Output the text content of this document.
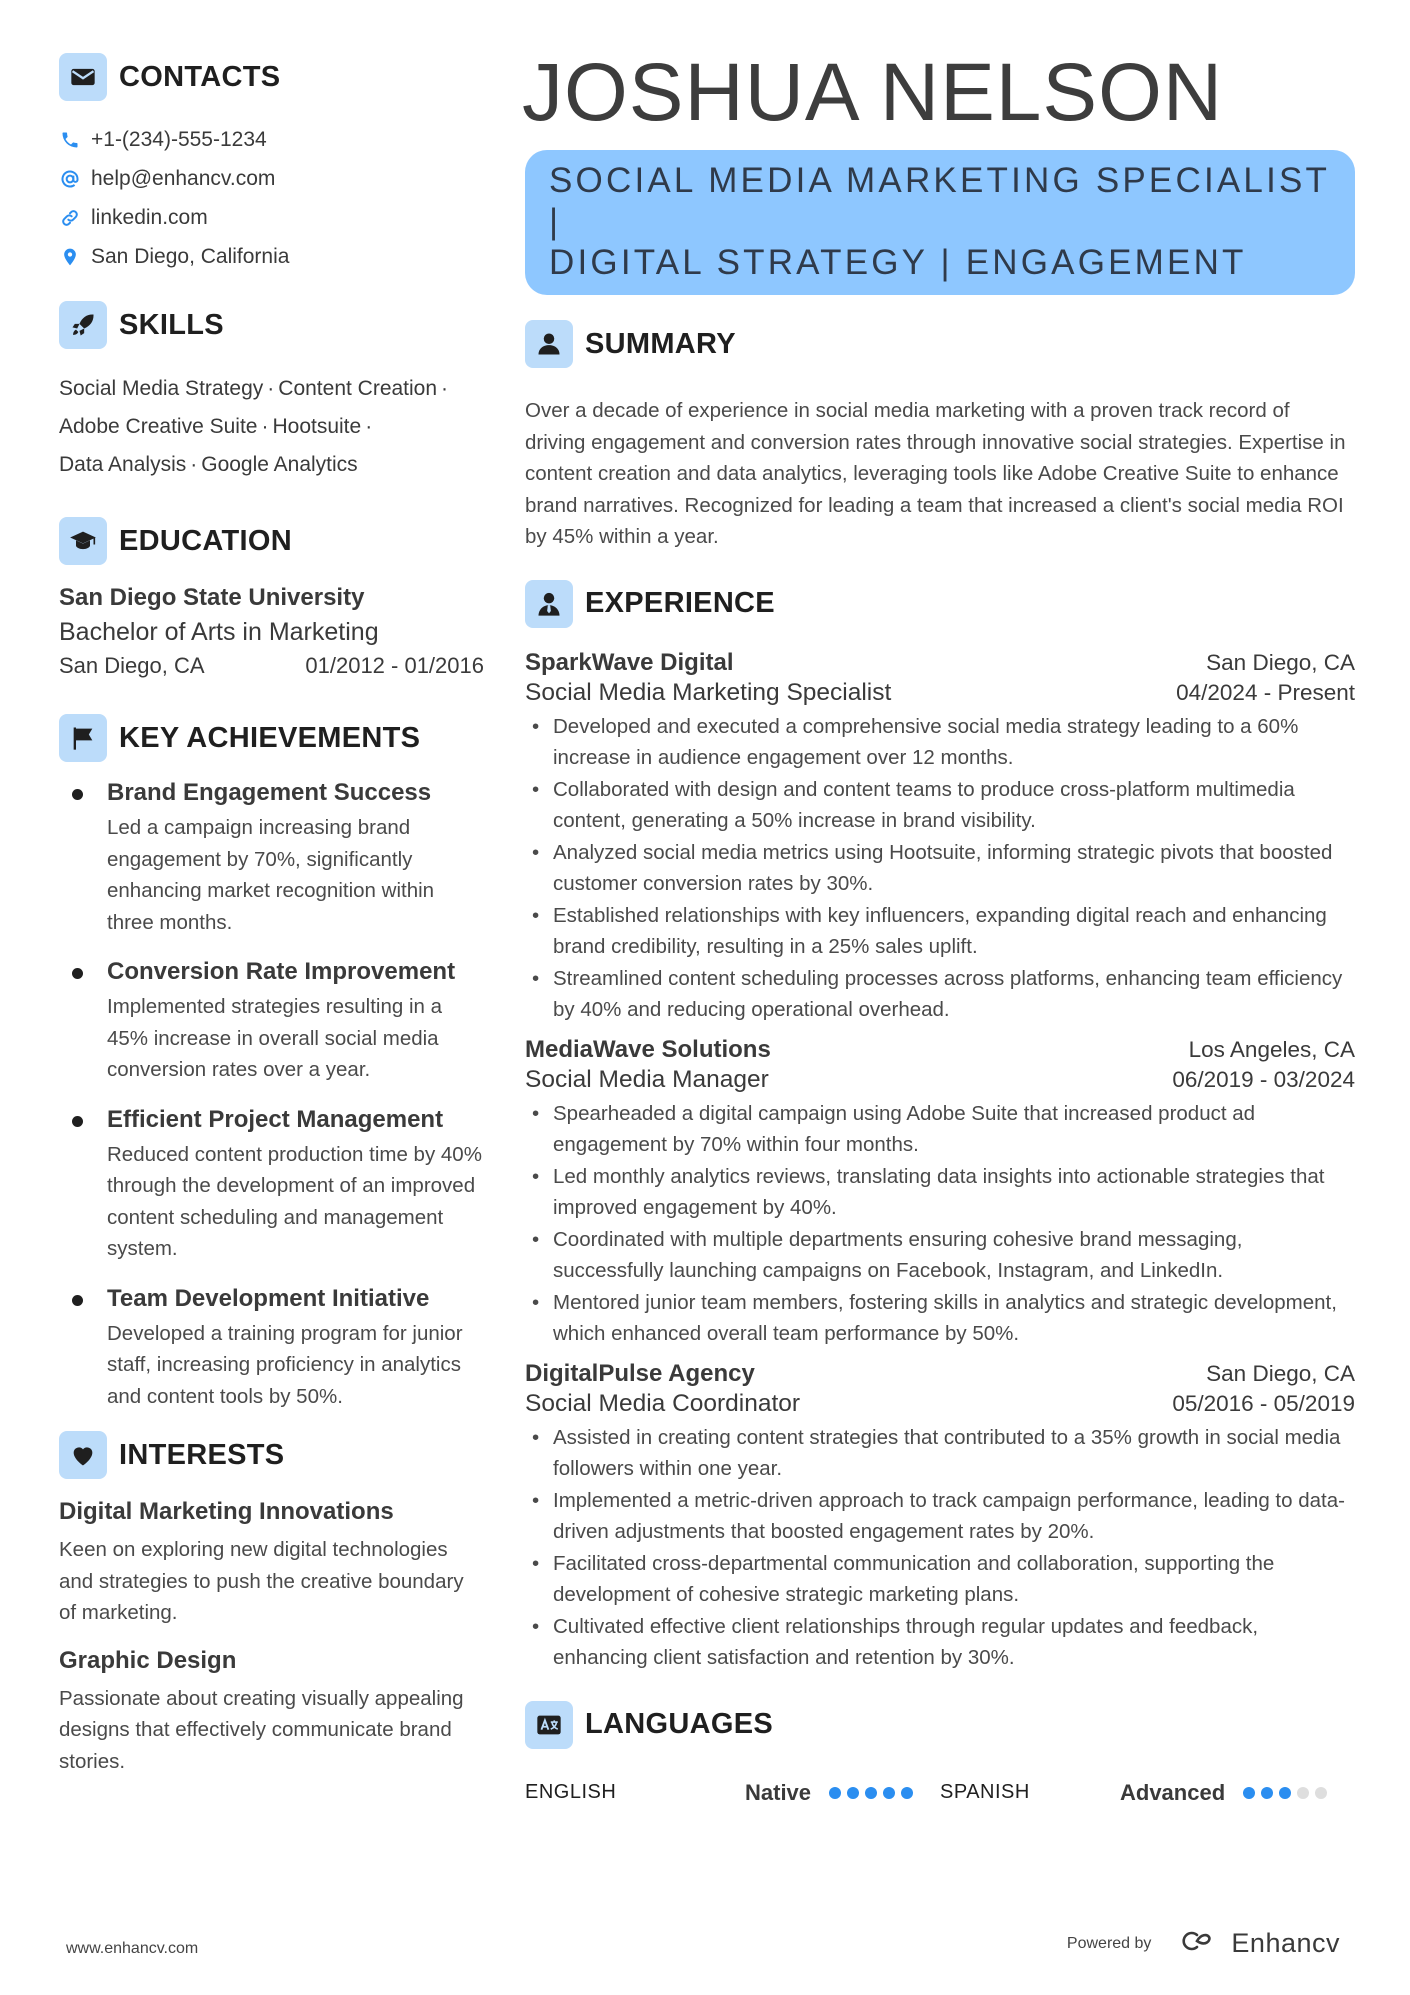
CONTACTS
+1-(234)-555-1234
help@enhancv.com
linkedin.com
San Diego, California
SKILLS
Social Media Strategy · Content Creation ·
Adobe Creative Suite · Hootsuite ·
Data Analysis · Google Analytics
EDUCATION
San Diego State University
Bachelor of Arts in Marketing
San Diego, CA	01/2012 - 01/2016
KEY ACHIEVEMENTS
Brand Engagement Success
Led a campaign increasing brand engagement by 70%, significantly enhancing market recognition within three months.
Conversion Rate Improvement
Implemented strategies resulting in a 45% increase in overall social media conversion rates over a year.
Efficient Project Management
Reduced content production time by 40% through the development of an improved content scheduling and management system.
Team Development Initiative
Developed a training program for junior staff, increasing proficiency in analytics and content tools by 50%.
INTERESTS
Digital Marketing Innovations
Keen on exploring new digital technologies and strategies to push the creative boundary of marketing.
Graphic Design
Passionate about creating visually appealing designs that effectively communicate brand stories.
JOSHUA NELSON
SOCIAL MEDIA MARKETING SPECIALIST |
DIGITAL STRATEGY | ENGAGEMENT
SUMMARY
Over a decade of experience in social media marketing with a proven track record of driving engagement and conversion rates through innovative social strategies. Expertise in content creation and data analytics, leveraging tools like Adobe Creative Suite to enhance brand narratives. Recognized for leading a team that increased a client's social media ROI by 45% within a year.
EXPERIENCE
SparkWave Digital	San Diego, CA
Social Media Marketing Specialist	04/2024 - Present
• Developed and executed a comprehensive social media strategy leading to a 60% increase in audience engagement over 12 months.
• Collaborated with design and content teams to produce cross-platform multimedia content, generating a 50% increase in brand visibility.
• Analyzed social media metrics using Hootsuite, informing strategic pivots that boosted customer conversion rates by 30%.
• Established relationships with key influencers, expanding digital reach and enhancing brand credibility, resulting in a 25% sales uplift.
• Streamlined content scheduling processes across platforms, enhancing team efficiency by 40% and reducing operational overhead.
MediaWave Solutions	Los Angeles, CA
Social Media Manager	06/2019 - 03/2024
• Spearheaded a digital campaign using Adobe Suite that increased product ad engagement by 70% within four months.
• Led monthly analytics reviews, translating data insights into actionable strategies that improved engagement by 40%.
• Coordinated with multiple departments ensuring cohesive brand messaging, successfully launching campaigns on Facebook, Instagram, and LinkedIn.
• Mentored junior team members, fostering skills in analytics and strategic development, which enhanced overall team performance by 50%.
DigitalPulse Agency	San Diego, CA
Social Media Coordinator	05/2016 - 05/2019
• Assisted in creating content strategies that contributed to a 35% growth in social media followers within one year.
• Implemented a metric-driven approach to track campaign performance, leading to data-driven adjustments that boosted engagement rates by 20%.
• Facilitated cross-departmental communication and collaboration, supporting the development of cohesive strategic marketing plans.
• Cultivated effective client relationships through regular updates and feedback, enhancing client satisfaction and retention by 30%.
LANGUAGES
ENGLISH	Native	SPANISH	Advanced
www.enhancv.com	Powered by	Enhancv
